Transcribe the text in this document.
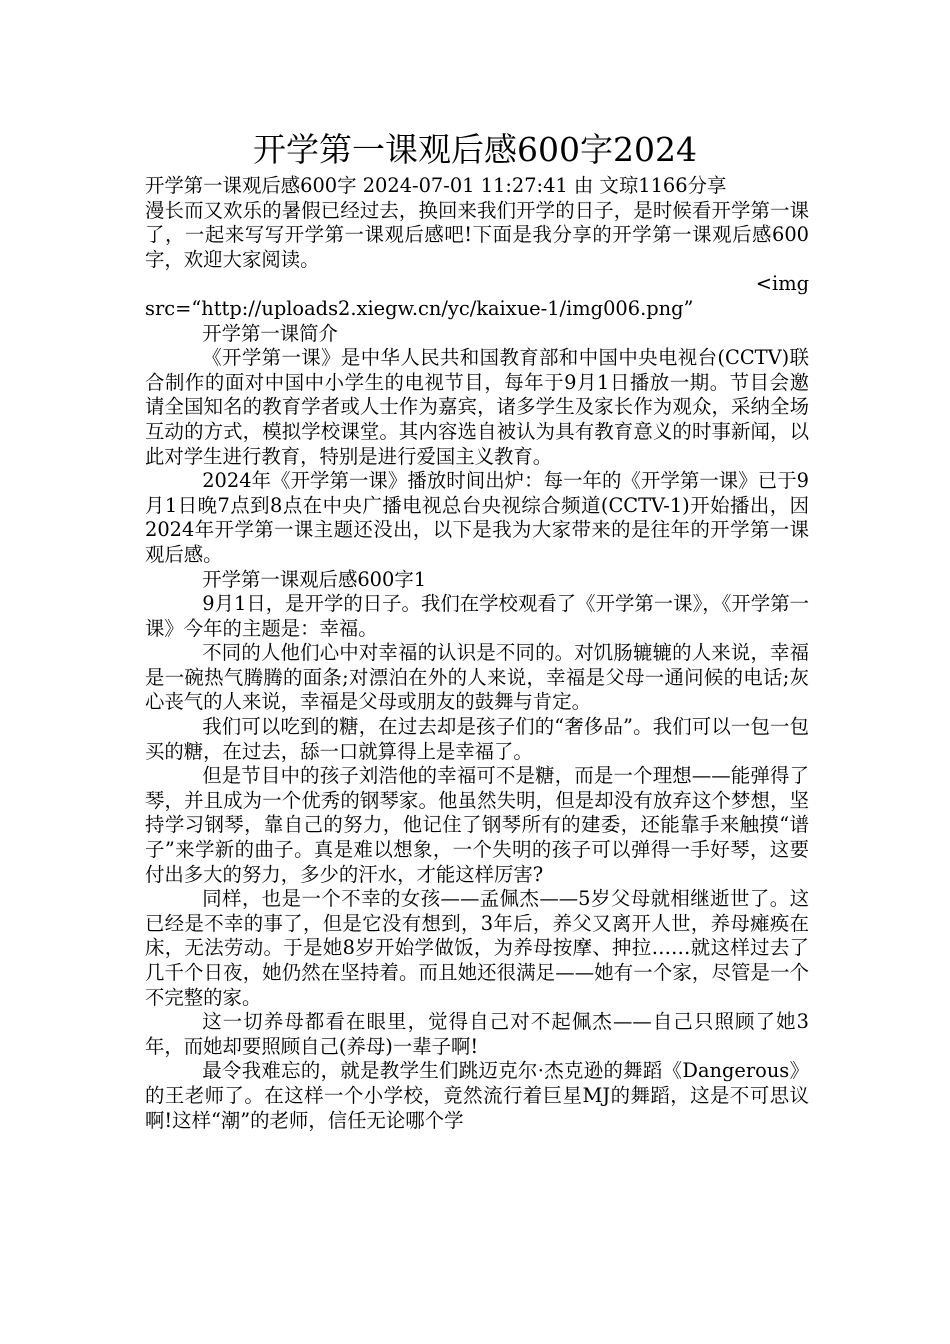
开学第一课观后感600字2024

开学第一课观后感600字 2024-07-01 11:27:41 由 文琼1166分享

漫长而又欢乐的暑假已经过去，换回来我们开学的日子，是时候看开学第一课了，一起来写写开学第一课观后感吧!下面是我分享的开学第一课观后感600字，欢迎大家阅读。

<img

src=“http://uploads2.xiegw.cn/yc/kaixue-1/img006.png”

开学第一课简介

《开学第一课》是中华人民共和国教育部和中国中央电视台(CCTV)联合制作的面对中国中小学生的电视节目，每年于9月1日播放一期。节目会邀请全国知名的教育学者或人士作为嘉宾，诸多学生及家长作为观众，采纳全场互动的方式，模拟学校课堂。其内容选自被认为具有教育意义的时事新闻，以此对学生进行教育，特别是进行爱国主义教育。

2024年《开学第一课》播放时间出炉：每一年的《开学第一课》已于9月1日晚7点到8点在中央广播电视总台央视综合频道(CCTV-1)开始播出，因2024年开学第一课主题还没出，以下是我为大家带来的是往年的开学第一课观后感。

开学第一课观后感600字1

9月1日，是开学的日子。我们在学校观看了《开学第一课》，《开学第一课》今年的主题是：幸福。

不同的人他们心中对幸福的认识是不同的。对饥肠辘辘的人来说，幸福是一碗热气腾腾的面条;对漂泊在外的人来说，幸福是父母一通问候的电话;灰心丧气的人来说，幸福是父母或朋友的鼓舞与肯定。

我们可以吃到的糖，在过去却是孩子们的“奢侈品”。我们可以一包一包买的糖，在过去，舔一口就算得上是幸福了。

但是节目中的孩子刘浩他的幸福可不是糖，而是一个理想——能弹得了琴，并且成为一个优秀的钢琴家。他虽然失明，但是却没有放弃这个梦想，坚持学习钢琴，靠自己的努力，他记住了钢琴所有的建委，还能靠手来触摸“谱子”来学新的曲子。真是难以想象，一个失明的孩子可以弹得一手好琴，这要付出多大的努力，多少的汗水，才能这样厉害?

同样，也是一个不幸的女孩——孟佩杰——5岁父母就相继逝世了。这已经是不幸的事了，但是它没有想到，3年后，养父又离开人世，养母瘫痪在床，无法劳动。于是她8岁开始学做饭，为养母按摩、抻拉……就这样过去了几千个日夜，她仍然在坚持着。而且她还很满足——她有一个家，尽管是一个不完整的家。

这一切养母都看在眼里，觉得自己对不起佩杰——自己只照顾了她3年，而她却要照顾自己(养母)一辈子啊!

最令我难忘的，就是教学生们跳迈克尔·杰克逊的舞蹈《Dangerous》的王老师了。在这样一个小学校，竟然流行着巨星MJ的舞蹈，这是不可思议啊!这样“潮”的老师，信任无论哪个学
